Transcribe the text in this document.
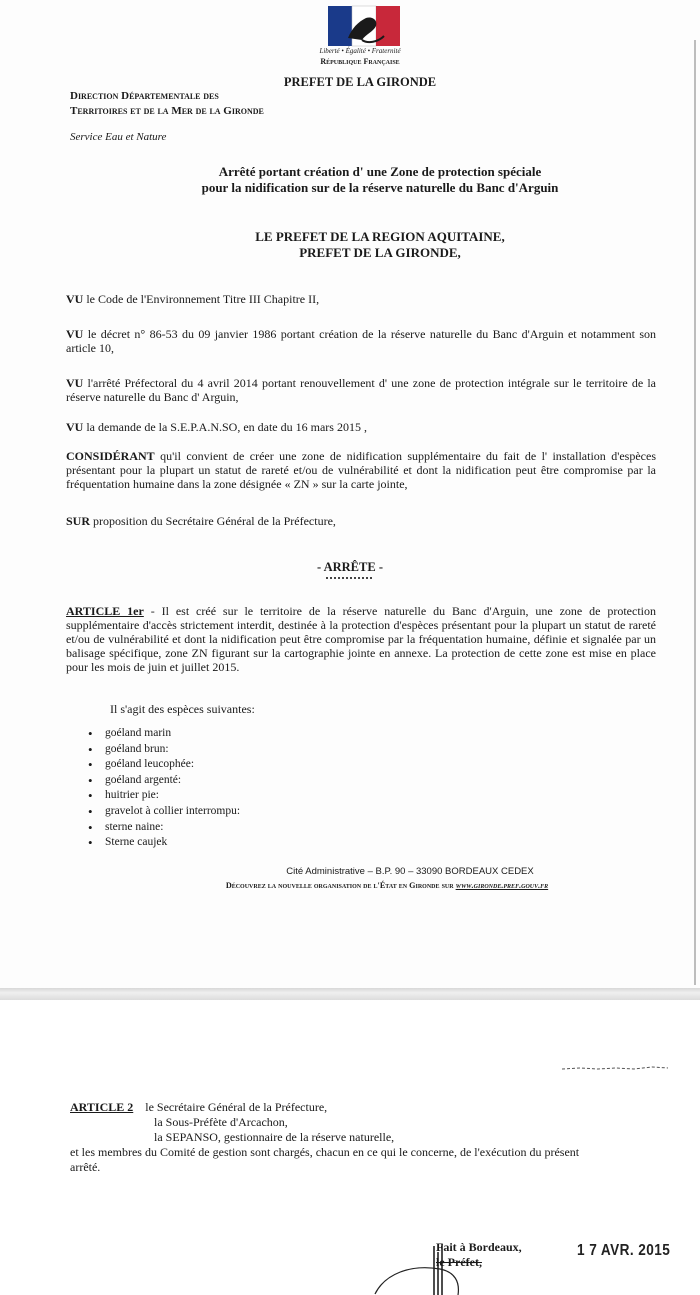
Liberté • Égalité • Fraternité
République Française
PREFET DE LA GIRONDE
Direction Départementale des
Territoires et de la Mer de la Gironde
Service Eau et Nature
Arrêté portant création d' une Zone de protection spéciale
pour la nidification sur de la réserve naturelle du Banc d'Arguin
LE PREFET DE LA REGION AQUITAINE,
PREFET DE LA GIRONDE,
VU le Code de l'Environnement Titre III Chapitre II,
VU le décret n° 86-53 du 09 janvier 1986 portant création de la réserve naturelle du Banc d'Arguin et notamment son article 10,
VU l'arrêté Préfectoral du 4 avril 2014 portant renouvellement d' une zone de protection intégrale sur le territoire de la réserve naturelle du Banc d' Arguin,
VU la demande de la S.E.P.A.N.SO, en date du 16 mars 2015 ,
CONSIDÉRANT qu'il convient de créer une zone de nidification supplémentaire du fait de l' installation d'espèces présentant pour la plupart un statut de rareté et/ou de vulnérabilité et dont la nidification peut être compromise par la fréquentation humaine dans la zone désignée « ZN » sur la carte jointe,
SUR proposition du Secrétaire Général de la Préfecture,
- ARRÊTE -
ARTICLE 1er - Il est créé sur le territoire de la réserve naturelle du Banc d'Arguin, une zone de protection supplémentaire d'accès strictement interdit, destinée à la protection d'espèces présentant pour la plupart un statut de rareté et/ou de vulnérabilité et dont la nidification peut être compromise par la fréquentation humaine, définie et signalée par un balisage spécifique, zone ZN figurant sur la cartographie jointe en annexe. La protection de cette zone est mise en place pour les mois de juin et juillet 2015.
Il s'agit des espèces suivantes:
• goéland marin
• goéland brun:
• goéland leucophée:
• goéland argenté:
• huitrier pie:
• gravelot à collier interrompu:
• sterne naine:
• Sterne caujek
Cité Administrative – B.P. 90 – 33090 BORDEAUX CEDEX
Découvrez la nouvelle organisation de l'État en Gironde sur www.gironde.pref.gouv.fr
ARTICLE 2 le Secrétaire Général de la Préfecture,
la Sous-Préfète d'Arcachon,
la SEPANSO, gestionnaire de la réserve naturelle,
et les membres du Comité de gestion sont chargés, chacun en ce qui le concerne, de l'exécution du présent
arrêté.
Fait à Bordeaux,
le Préfet,
1 7 AVR. 2015
